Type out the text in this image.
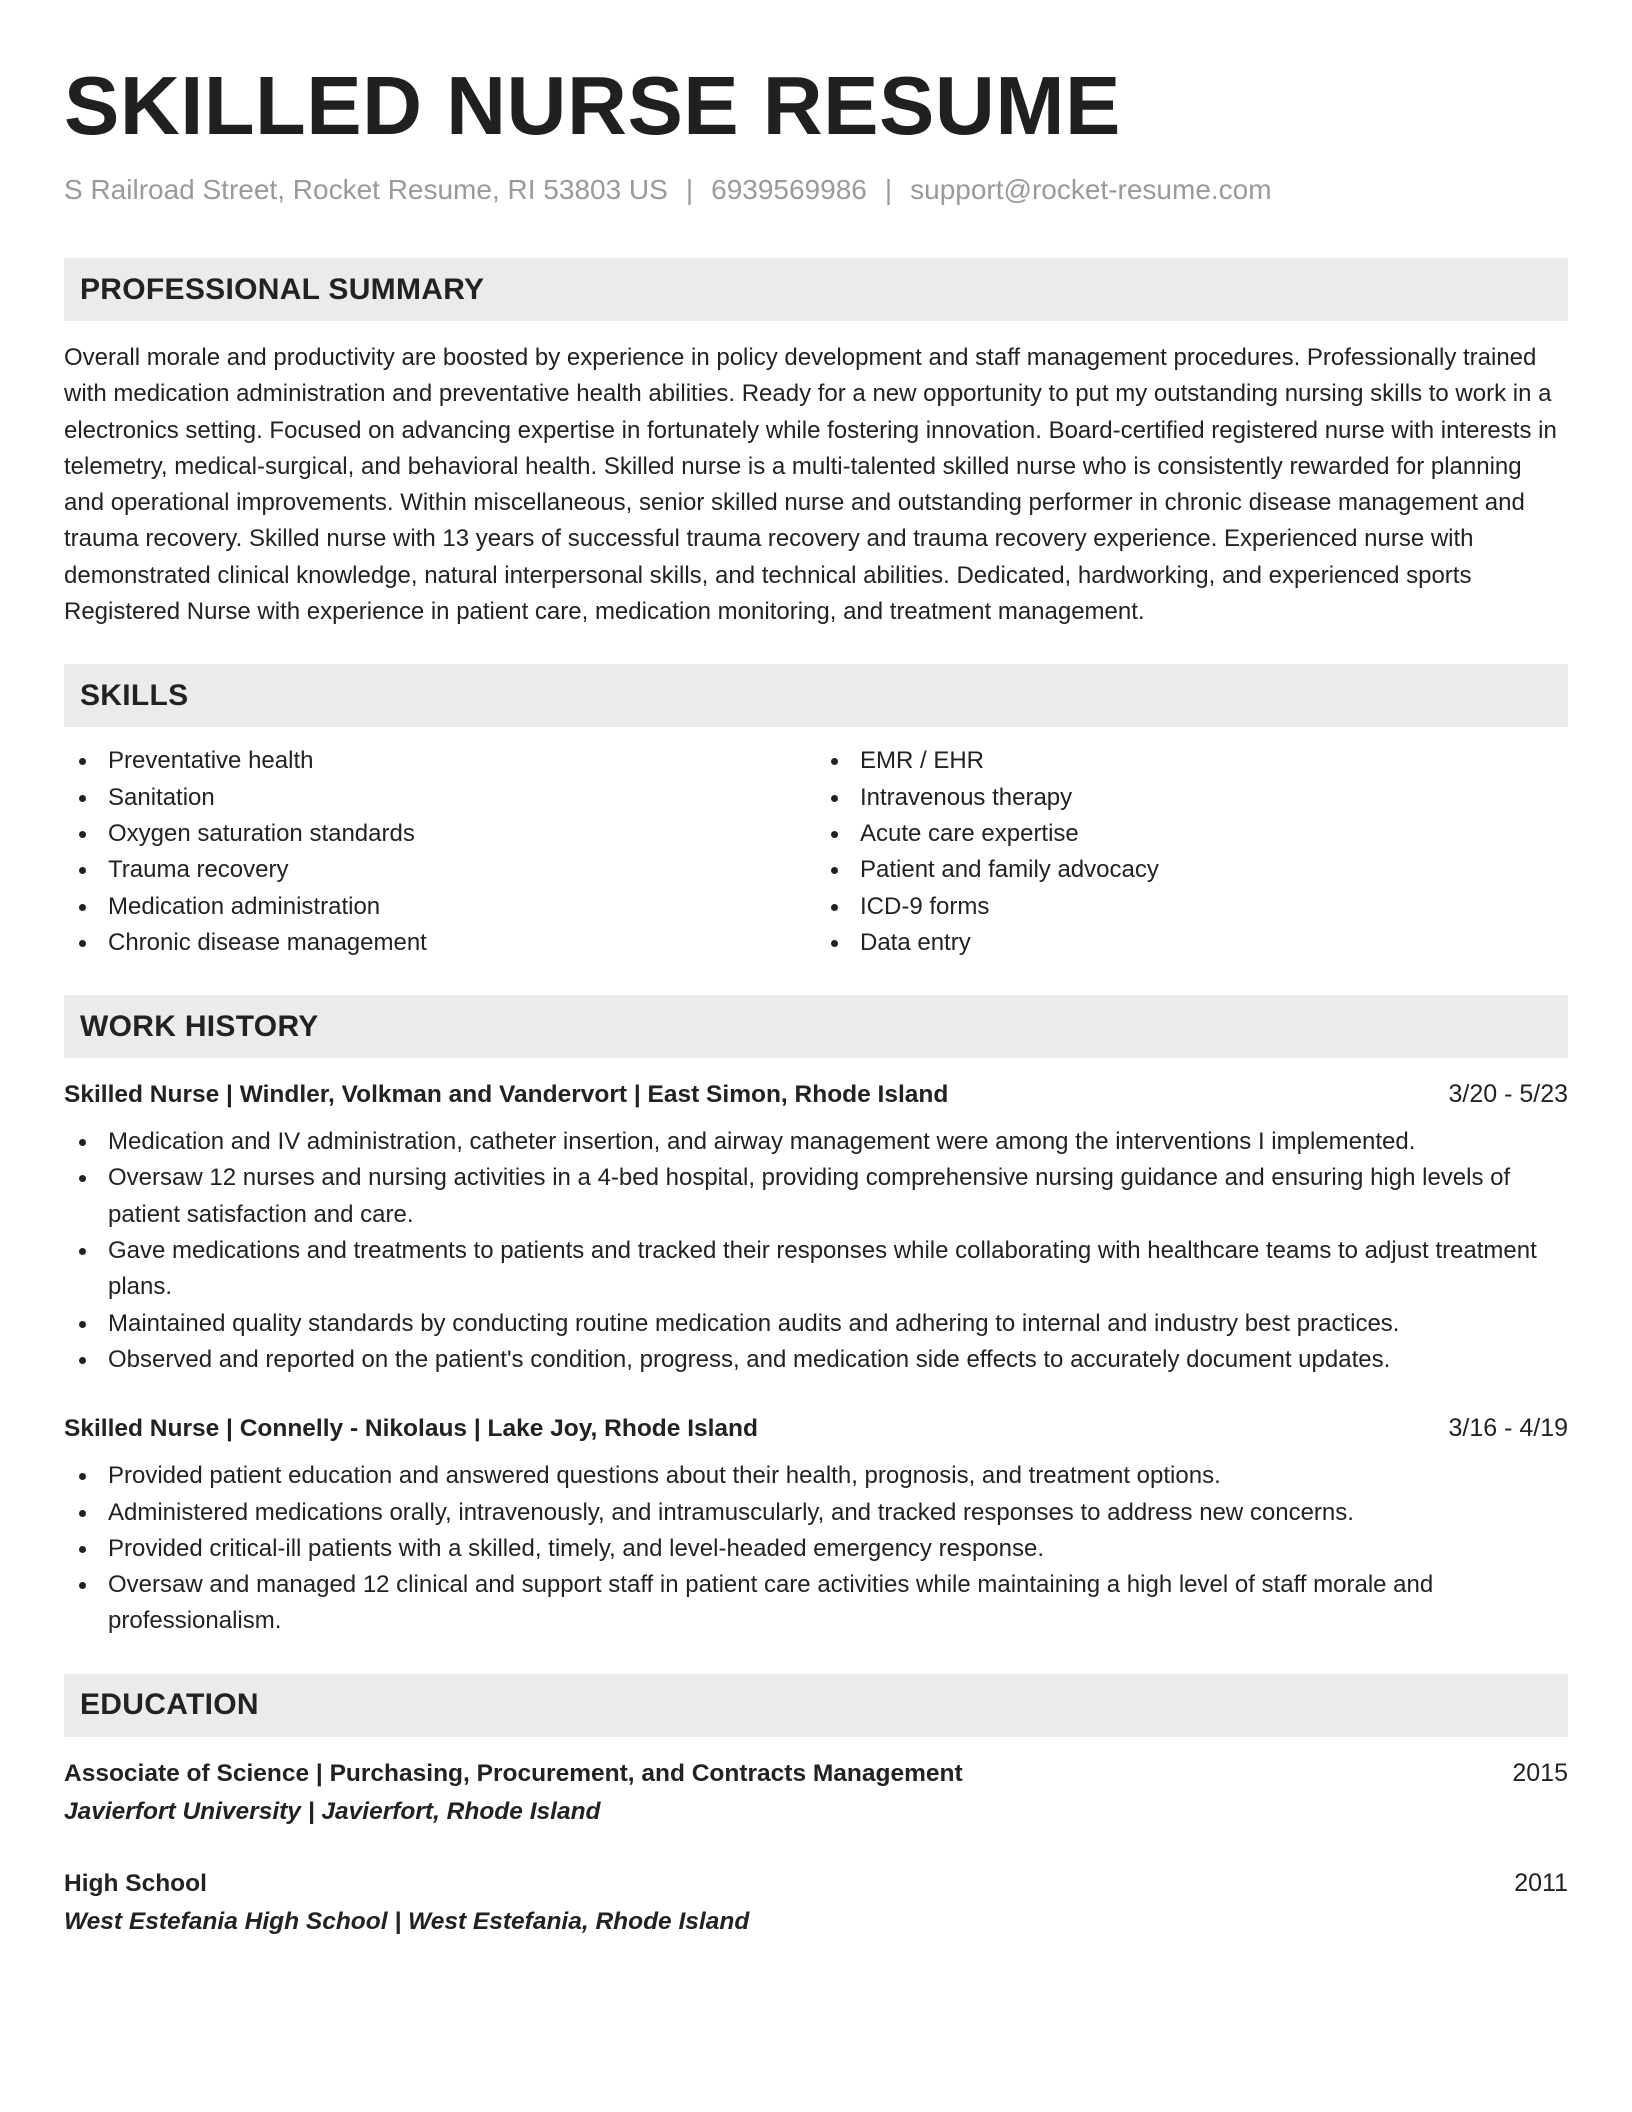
SKILLED NURSE RESUME
S Railroad Street, Rocket Resume, RI 53803 US | 6939569986 | support@rocket-resume.com
PROFESSIONAL SUMMARY

Overall morale and productivity are boosted by experience in policy development and staff management procedures. Professionally trained with medication administration and preventative health abilities. Ready for a new opportunity to put my outstanding nursing skills to work in a electronics setting. Focused on advancing expertise in fortunately while fostering innovation. Board-certified registered nurse with interests in telemetry, medical-surgical, and behavioral health. Skilled nurse is a multi-talented skilled nurse who is consistently rewarded for planning and operational improvements. Within miscellaneous, senior skilled nurse and outstanding performer in chronic disease management and trauma recovery. Skilled nurse with 13 years of successful trauma recovery and trauma recovery experience. Experienced nurse with demonstrated clinical knowledge, natural interpersonal skills, and technical abilities. Dedicated, hardworking, and experienced sports Registered Nurse with experience in patient care, medication monitoring, and treatment management.

SKILLS
Preventative health
Sanitation
Oxygen saturation standards
Trauma recovery
Medication administration
Chronic disease management
EMR / EHR
Intravenous therapy
Acute care expertise
Patient and family advocacy
ICD-9 forms
Data entry
WORK HISTORY
Skilled Nurse | Windler, Volkman and Vandervort | East Simon, Rhode Island	3/20 - 5/23
Medication and IV administration, catheter insertion, and airway management were among the interventions I implemented.
Oversaw 12 nurses and nursing activities in a 4-bed hospital, providing comprehensive nursing guidance and ensuring high levels of patient satisfaction and care.
Gave medications and treatments to patients and tracked their responses while collaborating with healthcare teams to adjust treatment plans.
Maintained quality standards by conducting routine medication audits and adhering to internal and industry best practices.
Observed and reported on the patient's condition, progress, and medication side effects to accurately document updates.
Skilled Nurse | Connelly - Nikolaus | Lake Joy, Rhode Island	3/16 - 4/19
Provided patient education and answered questions about their health, prognosis, and treatment options.
Administered medications orally, intravenously, and intramuscularly, and tracked responses to address new concerns.
Provided critical-ill patients with a skilled, timely, and level-headed emergency response.
Oversaw and managed 12 clinical and support staff in patient care activities while maintaining a high level of staff morale and professionalism.
EDUCATION
Associate of Science | Purchasing, Procurement, and Contracts Management	2015
Javierfort University | Javierfort, Rhode Island
High School	2011
West Estefania High School | West Estefania, Rhode Island
